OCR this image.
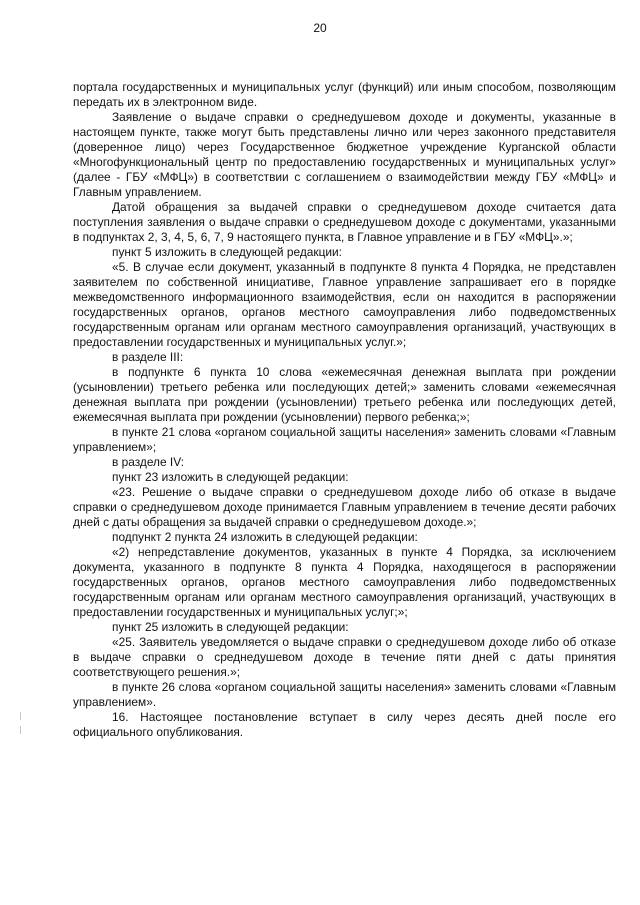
20

портала государственных и муниципальных услуг (функций) или иным способом, позволяющим передать их в электронном виде.

Заявление о выдаче справки о среднедушевом доходе и документы, указанные в настоящем пункте, также могут быть представлены лично или через законного представителя (доверенное лицо) через Государственное бюджетное учреждение Курганской области «Многофункциональный центр по предоставлению государственных и муниципальных услуг» (далее - ГБУ «МФЦ») в соответствии с соглашением о взаимодействии между ГБУ «МФЦ» и Главным управлением.

Датой обращения за выдачей справки о среднедушевом доходе считается дата поступления заявления о выдаче справки о среднедушевом доходе с документами, указанными в подпунктах 2, 3, 4, 5, 6, 7, 9 настоящего пункта, в Главное управление и в ГБУ «МФЦ».»;

пункт 5 изложить в следующей редакции:

«5. В случае если документ, указанный в подпункте 8 пункта 4 Порядка, не представлен заявителем по собственной инициативе, Главное управление запрашивает его в порядке межведомственного информационного взаимодействия, если он находится в распоряжении государственных органов, органов местного самоуправления либо подведомственных государственным органам или органам местного самоуправления организаций, участвующих в предоставлении государственных и муниципальных услуг.»;

в разделе III:

в подпункте 6 пункта 10 слова «ежемесячная денежная выплата при рождении (усыновлении) третьего ребенка или последующих детей;» заменить словами «ежемесячная денежная выплата при рождении (усыновлении) третьего ребенка или последующих детей, ежемесячная выплата при рождении (усыновлении) первого ребенка;»;

в пункте 21 слова «органом социальной защиты населения» заменить словами «Главным управлением»;

в разделе IV:

пункт 23 изложить в следующей редакции:

«23. Решение о выдаче справки о среднедушевом доходе либо об отказе в выдаче справки о среднедушевом доходе принимается Главным управлением в течение десяти рабочих дней с даты обращения за выдачей справки о среднедушевом доходе.»;

подпункт 2 пункта 24 изложить в следующей редакции:

«2) непредставление документов, указанных в пункте 4 Порядка, за исключением документа, указанного в подпункте 8 пункта 4 Порядка, находящегося в распоряжении государственных органов, органов местного самоуправления либо подведомственных государственным органам или органам местного самоуправления организаций, участвующих в предоставлении государственных и муниципальных услуг;»;

пункт 25 изложить в следующей редакции:

«25. Заявитель уведомляется о выдаче справки о среднедушевом доходе либо об отказе в выдаче справки о среднедушевом доходе в течение пяти дней с даты принятия соответствующего решения.»;

в пункте 26 слова «органом социальной защиты населения» заменить словами «Главным управлением».

16. Настоящее постановление вступает в силу через десять дней после его официального опубликования.
